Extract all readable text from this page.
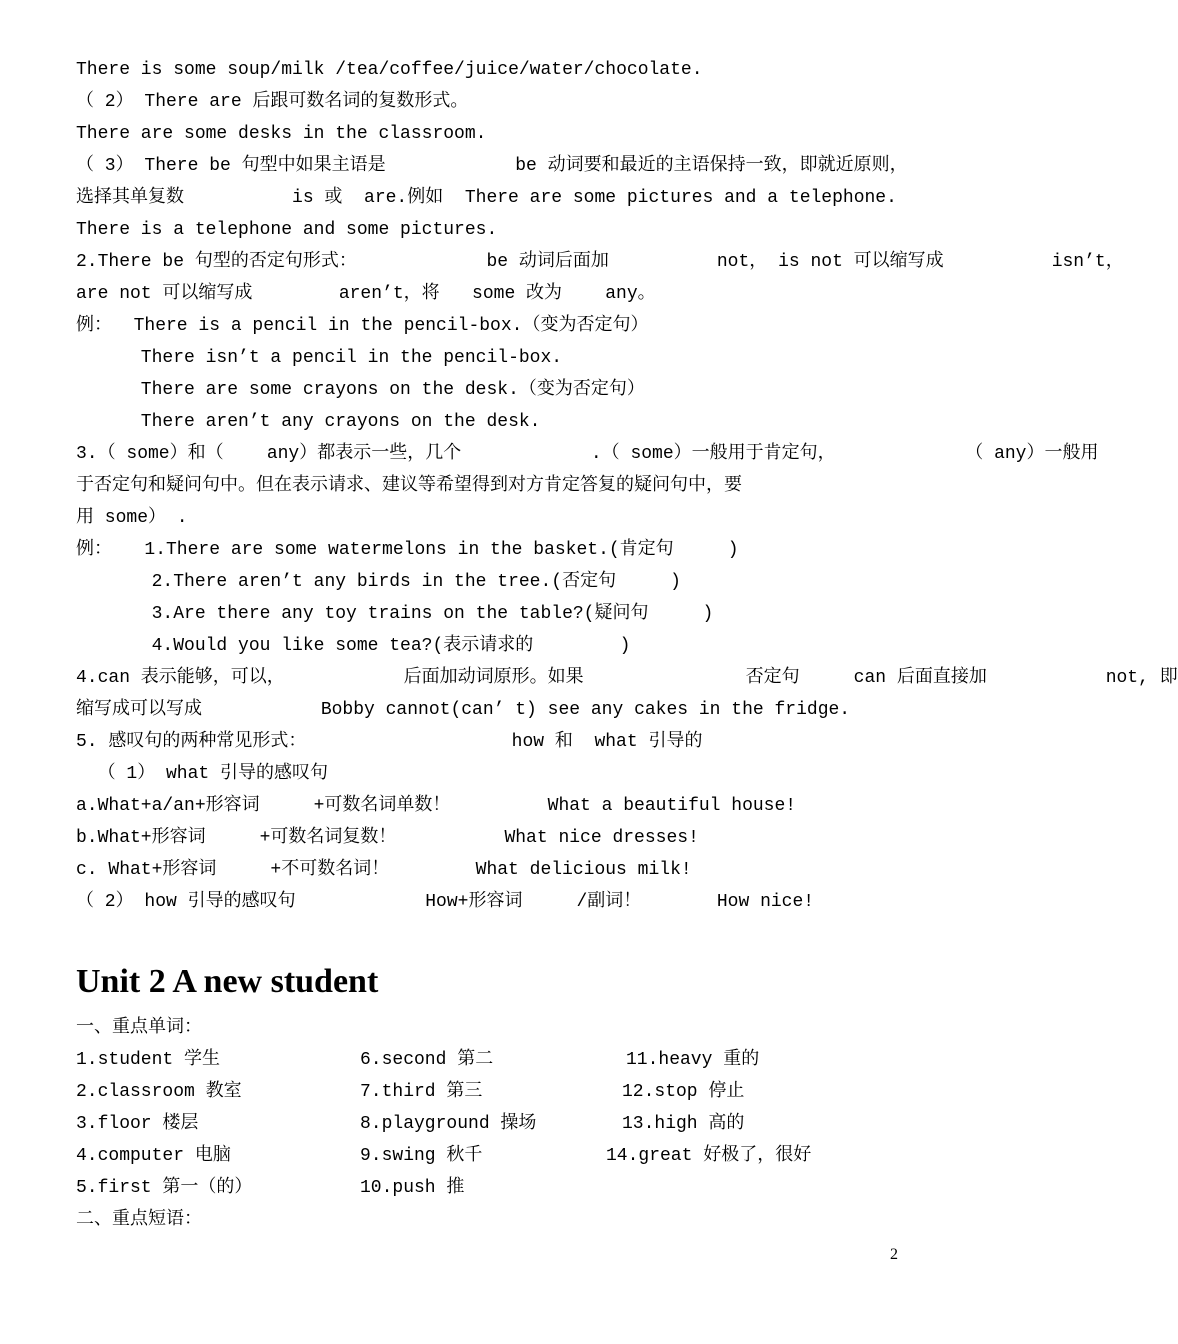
There is some soup/milk /tea/coffee/juice/water/chocolate.
（ 2） There are 后跟可数名词的复数形式。
There are some desks in the classroom.
（ 3） There be 句型中如果主语是            be 动词要和最近的主语保持一致，即就近原则，
选择其单复数          is 或  are.例如  There are some pictures and a telephone.
There is a telephone and some pictures.
2.There be 句型的否定句形式：            be 动词后面加          not， is not 可以缩写成          isn’t，
are not 可以缩写成        aren’t，将   some 改为    any。
例：  There is a pencil in the pencil-box.（变为否定句）
There isn’t a pencil in the pencil-box.
There are some crayons on the desk.（变为否定句）
There aren’t any crayons on the desk.
3.（ some）和（    any）都表示一些，几个            .（ some）一般用于肯定句，            （ any）一般用
于否定句和疑问句中。但在表示请求、建议等希望得到对方肯定答复的疑问句中，要
用 some） .
例：   1.There are some watermelons in the basket.(肯定句     )
2.There aren’t any birds in the tree.(否定句     )
3.Are there any toy trains on the table?(疑问句     )
4.Would you like some tea?(表示请求的        )
4.can 表示能够，可以，           后面加动词原形。如果               否定句     can 后面直接加           not, 即
缩写成可以写成           Bobby cannot(can’ t) see any cakes in the fridge.
5. 感叹句的两种常见形式：                   how 和  what 引导的
（ 1） what 引导的感叹句
a.What+a/an+形容词     +可数名词单数！         What a beautiful house!
b.What+形容词     +可数名词复数！          What nice dresses!
c. What+形容词     +不可数名词！        What delicious milk!
（ 2） how 引导的感叹句            How+形容词     /副词！       How nice!
Unit 2 A new student
一、重点单词：
1.student 学生
2.classroom 教室
3.floor 楼层
4.computer 电脑
5.first 第一（的）
6.second 第二
7.third 第三
8.playground 操场
9.swing 秋千
10.push 推
11.heavy 重的
12.stop 停止
13.high 高的
14.great 好极了，很好
二、重点短语：
2
